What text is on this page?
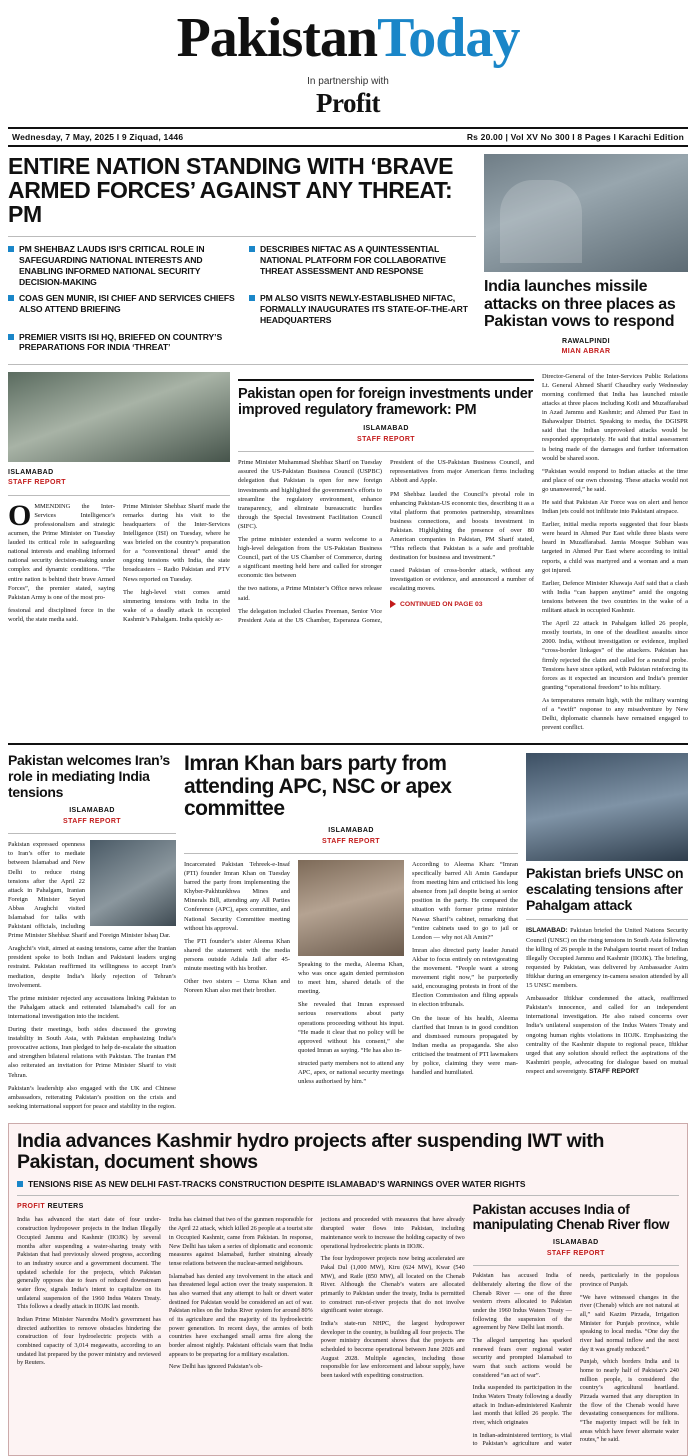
PakistanToday
In partnership with
Profit
Wednesday, 7 May, 2025 I 9 Ziquad, 1446	Rs 20.00 | Vol XV No 300 I 8 Pages I Karachi Edition
ENTIRE NATION STANDING WITH ‘BRAVE ARMED FORCES’ AGAINST ANY THREAT: PM
PM SHEHBAZ LAUDS ISI’S CRITICAL ROLE IN SAFEGUARDING NATIONAL INTERESTS AND ENABLING INFORMED NATIONAL SECURITY DECISION-MAKING
DESCRIBES NIFTAC AS A QUINTESSENTIAL NATIONAL PLATFORM FOR COLLABORATIVE THREAT ASSESSMENT AND RESPONSE
COAS GEN MUNIR, ISI CHIEF AND SERVICES CHIEFS ALSO ATTEND BRIEFING
PM ALSO VISITS NEWLY-ESTABLISHED NIFTAC, FORMALLY INAUGURATES ITS STATE-OF-THE-ART HEADQUARTERS
PREMIER VISITS ISI HQ, BRIEFED ON COUNTRY’S PREPARATIONS FOR INDIA ‘THREAT’
India launches missile attacks on three places as Pakistan vows to respond
RAWALPINDI
MIAN ABRAR
ISLAMABAD
STAFF REPORT

OMMENDING the Inter-Services Intelligence’s professionalism and strategic acumen, the Prime Minister on Tuesday lauded its critical role in safeguarding national interests and enabling informed national security decision-making under complex and dynamic conditions. “The entire nation is behind their brave Armed Forces”, the premier stated, saying Pakistan Army is one of the most pro-

fessional and disciplined force in the world, the state media said.

Prime Minister Shehbaz Sharif made the remarks during his visit to the headquarters of the Inter-Services Intelligence (ISI) on Tuesday, where he was briefed on the country’s preparation for a “conventional threat” amid the ongoing tensions with India, the state broadcasters – Radio Pakistan and PTV News reported on Tuesday.

The high-level visit comes amid simmering tensions with India in the wake of a deadly attack in occupied Kashmir’s Pahalgam. India quickly ac-

Pakistan open for foreign investments under improved regulatory framework: PM
ISLAMABAD
STAFF REPORT

Prime Minister Muhammad Shehbaz Sharif on Tuesday assured the US-Pakistan Business Council (USPBC) delegation that Pakistan is open for new foreign investments and highlighted the government’s efforts to streamline the regulatory environment, enhance transparency, and eliminate bureaucratic hurdles through the Special Investment Facilitation Council (SIFC).

The prime minister extended a warm welcome to a high-level delegation from the US-Pakistan Business Council, part of the US Chamber of Commerce, during a significant meeting held here and called for stronger economic ties between

the two nations, a Prime Minister’s Office news release said.

The delegation included Charles Freeman, Senior Vice President Asia at the US Chamber, Esperanza Gomez, President of the US-Pakistan Business Council, and representatives from major American firms including Abbott and Apple.

PM Shehbaz lauded the Council’s pivotal role in enhancing Pakistan-US economic ties, describing it as a vital platform that promotes partnership, streamlines business connections, and boosts investment in Pakistan. Highlighting the presence of over 80 American companies in Pakistan, PM Sharif stated, “This reflects that Pakistan is a safe and profitable destination for business and investment.”

cused Pakistan of cross-border attack, without any investigation or evidence, and announced a number of escalating moves.

CONTINUED ON PAGE 03

Director-General of the Inter-Services Public Relations Lt. General Ahmed Sharif Chaudhry early Wednesday morning confirmed that India has launched missile attacks at three places including Kotli and Muzaffarabad in Azad Jammu and Kashmir; and Ahmed Pur East in Bahawalpur District. Speaking to media, the DGISPR said that the Indian unprovoked attacks would be responded appropriately. He said that initial assessment is being made of the damages and further information would be shared soon.

“Pakistan would respond to Indian attacks at the time and place of our own choosing. These attacks would not go unanswered,” he said.

He said that Pakistan Air Force was on alert and hence Indian jets could not infiltrate into Pakistani airspace.

Earlier, initial media reports suggested that four blasts were heard in Ahmed Pur East while three blasts were heard in Muzaffarabad. Jamia Mosque Subhan was targeted in Ahmed Pur East where according to initial reports, a child was martyred and a woman and a man got injured.

Earlier, Defence Minister Khawaja Asif said that a clash with India “can happen anytime” amid the ongoing tensions between the two countries in the wake of a militant attack in occupied Kashmir.

The April 22 attack in Pahalgam killed 26 people, mostly tourists, in one of the deadliest assaults since 2000. India, without investigation or evidence, implied “cross-border linkages” of the attackers. Pakistan has firmly rejected the claim and called for a neutral probe. Tensions have since spiked, with Pakistan reinforcing its forces as it expected an incursion and India’s premier granting “operational freedom” to his military.

As temperatures remain high, with the military warning of a “swift” response to any misadventure by New Delhi, diplomatic channels have remained engaged to prevent conflict.

Pakistan welcomes Iran’s role in mediating India tensions
ISLAMABAD
STAFF REPORT

Pakistan expressed openness to Iran’s offer to mediate between Islamabad and New Delhi to reduce rising tensions after the April 22 attack in Pahalgam, Iranian Foreign Minister Seyed Abbas Araghchi visited Islamabad for talks with Pakistani officials, including Prime Minister Shehbaz Sharif and Foreign Minister Ishaq Dar.

Araghchi’s visit, aimed at easing tensions, came after the Iranian president spoke to both Indian and Pakistani leaders urging restraint. Pakistan reaffirmed its willingness to accept Iran’s mediation, despite India’s likely rejection of Tehran’s involvement.

The prime minister rejected any accusations linking Pakistan to the Pahalgam attack and reiterated Islamabad’s call for an international investigation into the incident.

During their meetings, both sides discussed the growing instability in South Asia, with Pakistan emphasizing India’s provocative actions, Iran pledged to help de-escalate the situation and strengthen bilateral relations with Pakistan. The Iranian FM also reiterated an invitation for Prime Minister Sharif to visit Tehran.

Pakistan’s leadership also engaged with the UK and Chinese ambassadors, reiterating Pakistan’s position on the crisis and seeking international support for peace and stability in the region.

Imran Khan bars party from attending APC, NSC or apex committee
ISLAMABAD
STAFF REPORT

Incarcerated Pakistan Tehreek-e-Insaf (PTI) founder Imran Khan on Tuesday barred the party from implementing the Khyber-Pakhtunkhwa Mines and Minerals Bill, attending any All Parties Conference (APC), apex committee, and National Security Committee meeting without his approval.

The PTI founder’s sister Aleema Khan shared the statement with the media persons outside Adiala Jail after 45-minute meeting with his brother.

Other two sisters – Uzma Khan and Noreen Khan also met their brother.

Speaking to the media, Aleema Khan, who was once again denied permission to meet him, shared details of the meeting.

She revealed that Imran expressed serious reservations about party operations proceeding without his input. “He made it clear that no policy will be approved without his consent,” she quoted Imran as saying. “He has also in-

structed party members not to attend any APC, apex, or national security meetings unless authorised by him.”

According to Aleema Khan: “Imran specifically barred Ali Amin Gandapur from meeting him and criticised his long absence from jail despite being at senior position in the party. He compared the situation with former prime minister Nawaz Sharif’s cabinet, remarking that “entire cabinets used to go to jail or London — why not Ali Amin?”

Imran also directed party leader Junaid Akbar to focus entirely on reinvigorating the movement. “People want a strong movement right now,” he purportedly said, encouraging protests in front of the Election Commission and filing appeals in election tribunals.

On the issue of his health, Aleema clarified that Imran is in good condition and dismissed rumours propagated by Indian media as propaganda. She also criticised the treatment of PTI lawmakers by police, claiming they were man-handled and humiliated.

Pakistan briefs UNSC on escalating tensions after Pahalgam attack

ISLAMABAD: Pakistan briefed the United Nations Security Council (UNSC) on the rising tensions in South Asia following the killing of 26 people in the Pahalgam tourist resort of Indian Illegally Occupied Jammu and Kashmir (IIOJK). The briefing, requested by Pakistan, was delivered by Ambassador Asim Iftikhar during an emergency in-camera session attended by all 15 UNSC members.

Ambassador Iftikhar condemned the attack, reaffirmed Pakistan’s innocence, and called for an independent international investigation. He also raised concerns over India’s unilateral suspension of the Indus Waters Treaty and ongoing human rights violations in IIOJK. Emphasizing the centrality of the Kashmir dispute to regional peace, Iftikhar urged that any solution should reflect the aspirations of the Kashmiri people, advocating for dialogue based on mutual respect and sovereignty. STAFF REPORT

India advances Kashmir hydro projects after suspending IWT with Pakistan, document shows
TENSIONS RISE AS NEW DELHI FAST-TRACKS CONSTRUCTION DESPITE ISLAMABAD’S WARNINGS OVER WATER RIGHTS
PROFIT REUTERS

India has advanced the start date of four under-construction hydropower projects in the Indian Illegally Occupied Jammu and Kashmir (IIOJK) by several months after suspending a water-sharing treaty with Pakistan that had previously slowed progress, according to an industry source and a government document. The updated schedule for the projects, which Pakistan generally opposes due to fears of reduced downstream water flow, signals India’s intent to capitalize on its unilateral suspension of the 1960 Indus Waters Treaty. This follows a deadly attack in IIOJK last month.

Indian Prime Minister Narendra Modi’s government has directed authorities to remove obstacles hindering the construction of four hydroelectric projects with a combined capacity of 3,014 megawatts, according to an undated list prepared by the power ministry and reviewed by Reuters.

India has claimed that two of the gunmen responsible for the April 22 attack, which killed 26 people at a tourist site in Occupied Kashmir, came from Pakistan. In response, New Delhi has taken a series of diplomatic and economic measures against Islamabad, further straining already tense relations between the nuclear-armed neighbours.

Islamabad has denied any involvement in the attack and has threatened legal action over the treaty suspension. It has also warned that any attempt to halt or divert water destined for Pakistan would be considered an act of war. Pakistan relies on the Indus River system for around 80% of its agriculture and the majority of its hydroelectric power generation. In recent days, the armies of both countries have exchanged small arms fire along the border almost nightly. Pakistani officials warn that India appears to be preparing for a military escalation.

New Delhi has ignored Pakistan’s ob-

jections and proceeded with measures that have already disrupted water flows into Pakistan, including maintenance work to increase the holding capacity of two operational hydroelectric plants in IIOJK.

The four hydropower projects now being accelerated are Pakal Dul (1,000 MW), Kiru (624 MW), Kwar (540 MW), and Ratle (850 MW), all located on the Chenab River. Although the Chenab’s waters are allocated primarily to Pakistan under the treaty, India is permitted to construct run-of-river projects that do not involve significant water storage.

India’s state-run NHPC, the largest hydropower developer in the country, is building all four projects. The power ministry document shows that the projects are scheduled to become operational between June 2026 and August 2028. Multiple agencies, including those responsible for law enforcement and labour supply, have been tasked with expediting construction.

Pakistan accuses India of manipulating Chenab River flow
ISLAMABAD
STAFF REPORT

Pakistan has accused India of deliberately altering the flow of the Chenab River — one of the three western rivers allocated to Pakistan under the 1960 Indus Waters Treaty — following the suspension of the agreement by New Delhi last month.

The alleged tampering has sparked renewed fears over regional water security and prompted Islamabad to warn that such actions would be considered “an act of war”.

India suspended its participation in the Indus Waters Treaty following a deadly attack in Indian-administered Kashmir last month that killed 26 people. The river, which originates

in Indian-administered territory, is vital to Pakistan’s agriculture and water needs, particularly in the populous province of Punjab.

“We have witnessed changes in the river (Chenab) which are not natural at all,” said Kazim Pirzada, Irrigation Minister for Punjab province, while speaking to local media. “One day the river had normal inflow and the next day it was greatly reduced.”

Punjab, which borders India and is home to nearly half of Pakistan’s 240 million people, is considered the country’s agricultural heartland. Pirzada warned that any disruption in the flow of the Chenab would have devastating consequences for millions. “The majority impact will be felt in areas which have fewer alternate water routes,” he said.
